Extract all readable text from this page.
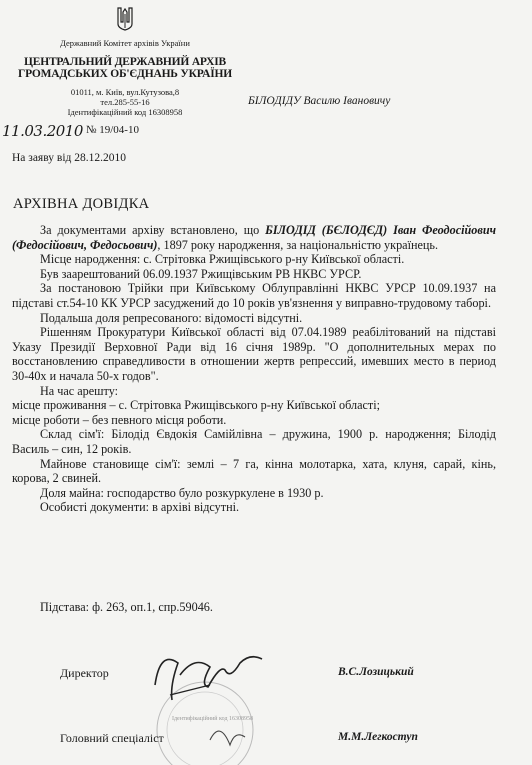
Державний Комітет архівів України
ЦЕНТРАЛЬНИЙ ДЕРЖАВНИЙ АРХІВ
ГРОМАДСЬКИХ ОБ'ЄДНАНЬ УКРАЇНИ
01011, м. Київ, вул.Кутузова,8
тел.285-55-16
Ідентифікаційний код 16308958
БІЛОДІДУ Василю Івановичу
11.03.2010 № 19/04-10
На заяву від 28.12.2010
АРХІВНА ДОВІДКА

За документами архіву встановлено, що БІЛОДІД (БЄЛОДЄД) Іван Феодосійович (Федосійович, Федосьович), 1897 року народження, за національністю українець.

Місце народження: с. Стрітовка Ржищівського р-ну Київської області.

Був заарештований 06.09.1937 Ржищівським РВ НКВС УРСР.

За постановою Трійки при Київському Облуправлінні НКВС УРСР 10.09.1937 на підставі ст.54-10 КК УРСР засуджений до 10 років ув'язнення у виправно-трудовому таборі.

Подальша доля репресованого: відомості відсутні.

Рішенням Прокуратури Київської області від 07.04.1989 реабілітований на підставі Указу Президії Верховної Ради від 16 січня 1989р. "О дополнительных мерах по восстановлению справедливости в отношении жертв репрессий, имевших место в период 30-40х и начала 50-х годов".

На час арешту:

місце проживання – с. Стрітовка Ржищівського р-ну Київської області;

місце роботи – без певного місця роботи.

Склад сім'ї: Білодід Євдокія Самійлівна – дружина, 1900 р. народження; Білодід Василь – син, 12 років.

Майнове становище сім'ї: землі – 7 га, кінна молотарка, хата, клуня, сарай, кінь, корова, 2 свиней.

Доля майна: господарство було розкуркулене в 1930 р.

Особисті документи: в архіві відсутні.

Підстава: ф. 263, оп.1, спр.59046.
Ідентифікаційний код 16308958
Директор	В.С.Лозицький
Головний спеціаліст	М.М.Легкоступ
